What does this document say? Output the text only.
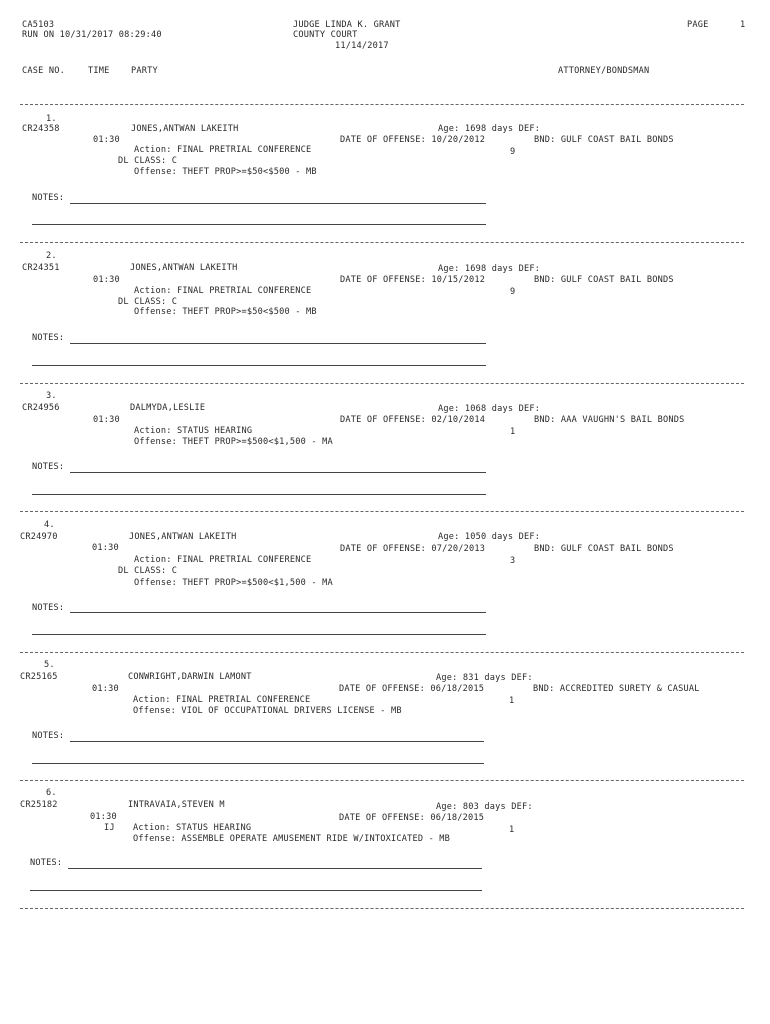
CA5103
RUN ON 10/31/2017 08:29:40
JUDGE LINDA K. GRANT
COUNTY COURT
11/14/2017
PAGE	1
CASE NO.	TIME	PARTY	ATTORNEY/BONDSMAN
1.
CR24358	JONES,ANTWAN LAKEITH	Age: 1698 days DEF:
01:30	DATE OF OFFENSE: 10/20/2012	BND: GULF COAST BAIL BONDS
Action: FINAL PRETRIAL CONFERENCE	9
DL CLASS: C
Offense: THEFT PROP>=$50<$500 - MB
NOTES:
2.
CR24351	JONES,ANTWAN LAKEITH	Age: 1698 days DEF:
01:30	DATE OF OFFENSE: 10/15/2012	BND: GULF COAST BAIL BONDS
Action: FINAL PRETRIAL CONFERENCE	9
DL CLASS: C
Offense: THEFT PROP>=$50<$500 - MB
NOTES:
3.
CR24956	DALMYDA,LESLIE	Age: 1068 days DEF:
01:30	DATE OF OFFENSE: 02/10/2014	BND: AAA VAUGHN'S BAIL BONDS
Action: STATUS HEARING	1
Offense: THEFT PROP>=$500<$1,500 - MA
NOTES:
4.
CR24970	JONES,ANTWAN LAKEITH	Age: 1050 days DEF:
01:30	DATE OF OFFENSE: 07/20/2013	BND: GULF COAST BAIL BONDS
Action: FINAL PRETRIAL CONFERENCE	3
DL CLASS: C
Offense: THEFT PROP>=$500<$1,500 - MA
NOTES:
5.
CR25165	CONWRIGHT,DARWIN LAMONT	Age: 831 days DEF:
01:30	DATE OF OFFENSE: 06/18/2015	BND: ACCREDITED SURETY & CASUAL
Action: FINAL PRETRIAL CONFERENCE	1
Offense: VIOL OF OCCUPATIONAL DRIVERS LICENSE - MB
NOTES:
6.
CR25182	INTRAVAIA,STEVEN M	Age: 803 days DEF:
01:30	DATE OF OFFENSE: 06/18/2015
IJ Action: STATUS HEARING	1
Offense: ASSEMBLE OPERATE AMUSEMENT RIDE W/INTOXICATED - MB
NOTES:
